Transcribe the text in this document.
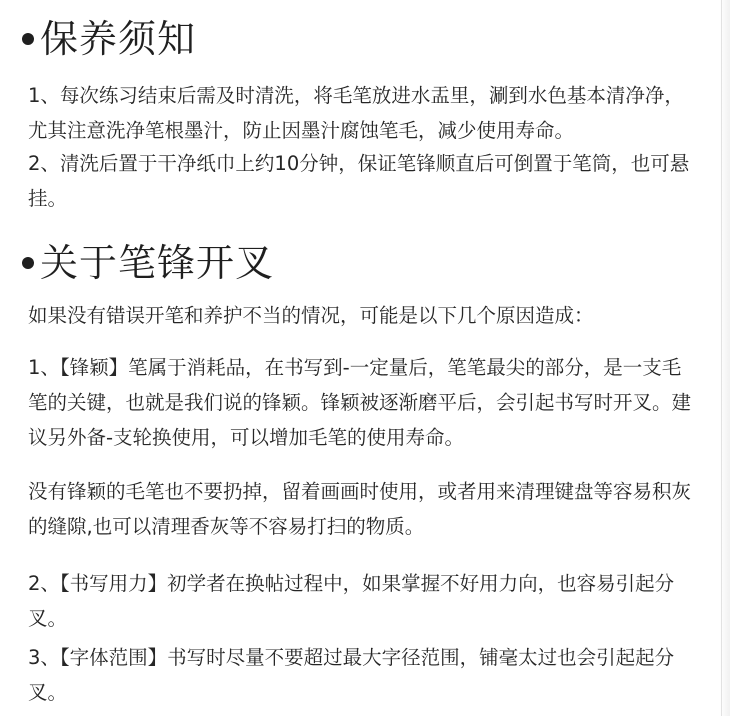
保养须知

1、每次练习结束后需及时清洗，将毛笔放进水盂里，涮到水色基本清净净，尤其注意洗净笔根墨汁，防止因墨汁腐蚀笔毛，减少使用寿命。

2、清洗后置于干净纸巾上约10分钟，保证笔锋顺直后可倒置于笔筒，也可悬挂。

关于笔锋开叉

如果没有错误开笔和养护不当的情况，可能是以下几个原因造成：

1、【锋颖】笔属于消耗品，在书写到-一定量后，笔笔最尖的部分，是一支毛笔的关键，也就是我们说的锋颖。锋颖被逐渐磨平后，会引起书写时开叉。建议另外备-支轮换使用，可以增加毛笔的使用寿命。

没有锋颖的毛笔也不要扔掉，留着画画时使用，或者用来清理键盘等容易积灰的缝隙,也可以清理香灰等不容易打扫的物质。

2、【书写用力】初学者在换帖过程中，如果掌握不好用力向，也容易引起分叉。

3、【字体范围】书写时尽量不要超过最大字径范围，铺毫太过也会引起起分叉。
